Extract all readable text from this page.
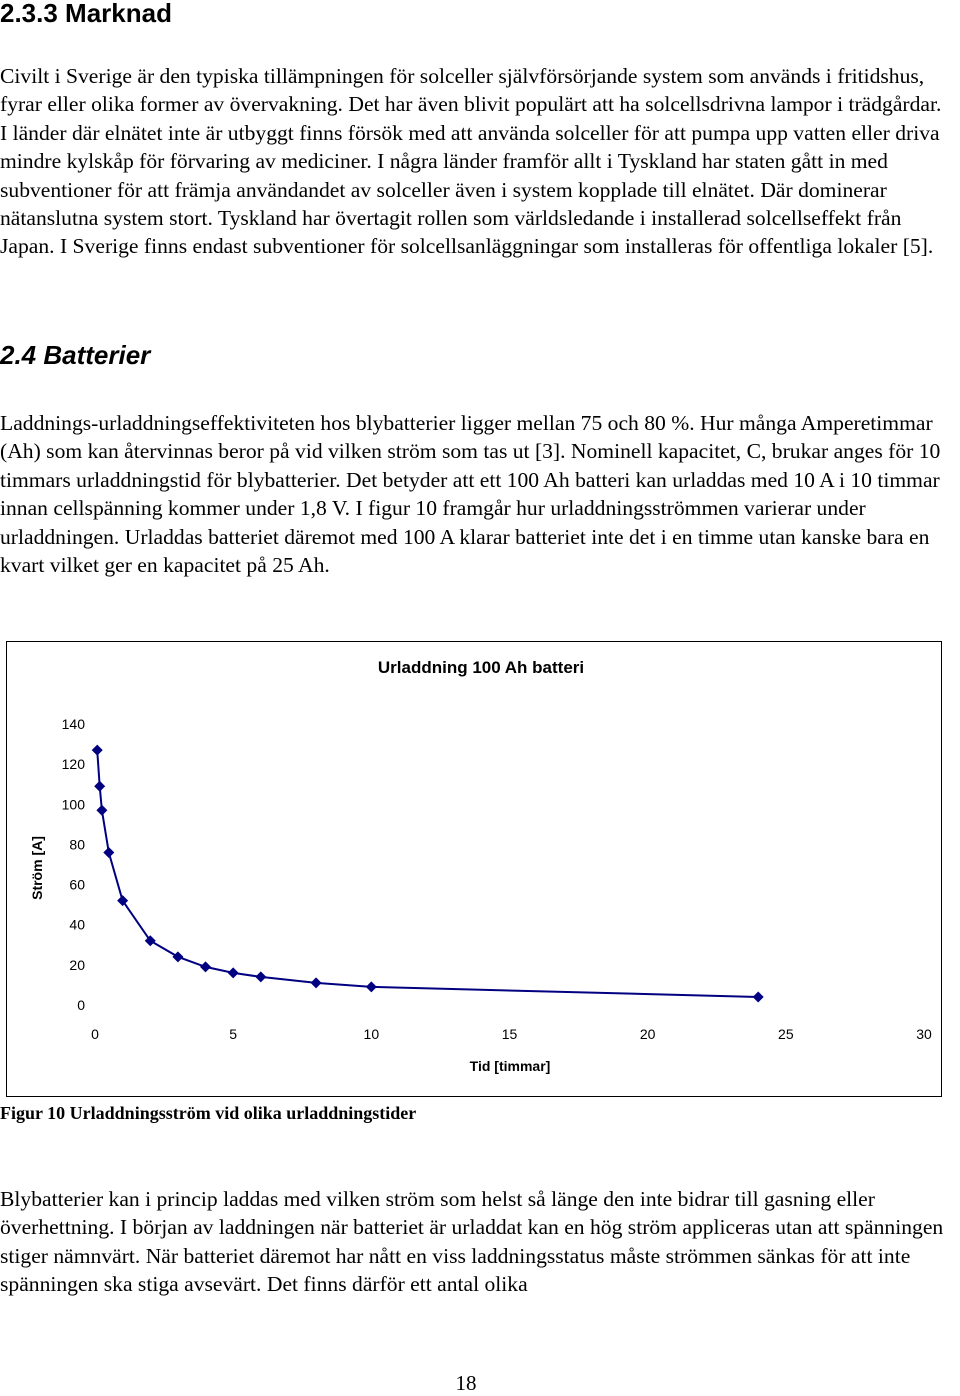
2.3.3 Marknad

Civilt i Sverige är den typiska tillämpningen för solceller självförsörjande system som används i fritidshus, fyrar eller olika former av övervakning. Det har även blivit populärt att ha solcellsdrivna lampor i trädgårdar. I länder där elnätet inte är utbyggt finns försök med att använda solceller för att pumpa upp vatten eller driva mindre kylskåp för förvaring av mediciner. I några länder framför allt i Tyskland har staten gått in med subventioner för att främja användandet av solceller även i system kopplade till elnätet. Där dominerar nätanslutna system stort. Tyskland har övertagit rollen som världsledande i installerad solcellseffekt från Japan. I Sverige finns endast subventioner för solcellsanläggningar som installeras för offentliga lokaler [5].

2.4 Batterier

Laddnings-urladdningseffektiviteten hos blybatterier ligger mellan 75 och 80 %. Hur många Amperetimmar (Ah) som kan återvinnas beror på vid vilken ström som tas ut [3]. Nominell kapacitet, C, brukar anges för 10 timmars urladdningstid för blybatterier. Det betyder att ett 100 Ah batteri kan urladdas med 10 A i 10 timmar innan cellspänning kommer under 1,8 V. I figur 10 framgår hur urladdningsströmmen varierar under urladdningen. Urladdas batteriet däremot med 100 A klarar batteriet inte det i en timme utan kanske bara en kvart vilket ger en kapacitet på 25 Ah.

Urladdning 100 Ah batteri
0
20
40
60
80
100
120
140
0	5	10	15	20	25	30
Tid [timmar]
Ström [A]

Figur 10 Urladdningsström vid olika urladdningstider

Blybatterier kan i princip laddas med vilken ström som helst så länge den inte bidrar till gasning eller överhettning. I början av laddningen när batteriet är urladdat kan en hög ström appliceras utan att spänningen stiger nämnvärt. När batteriet däremot har nått en viss laddningsstatus måste strömmen sänkas för att inte spänningen ska stiga avsevärt. Det finns därför ett antal olika

18
